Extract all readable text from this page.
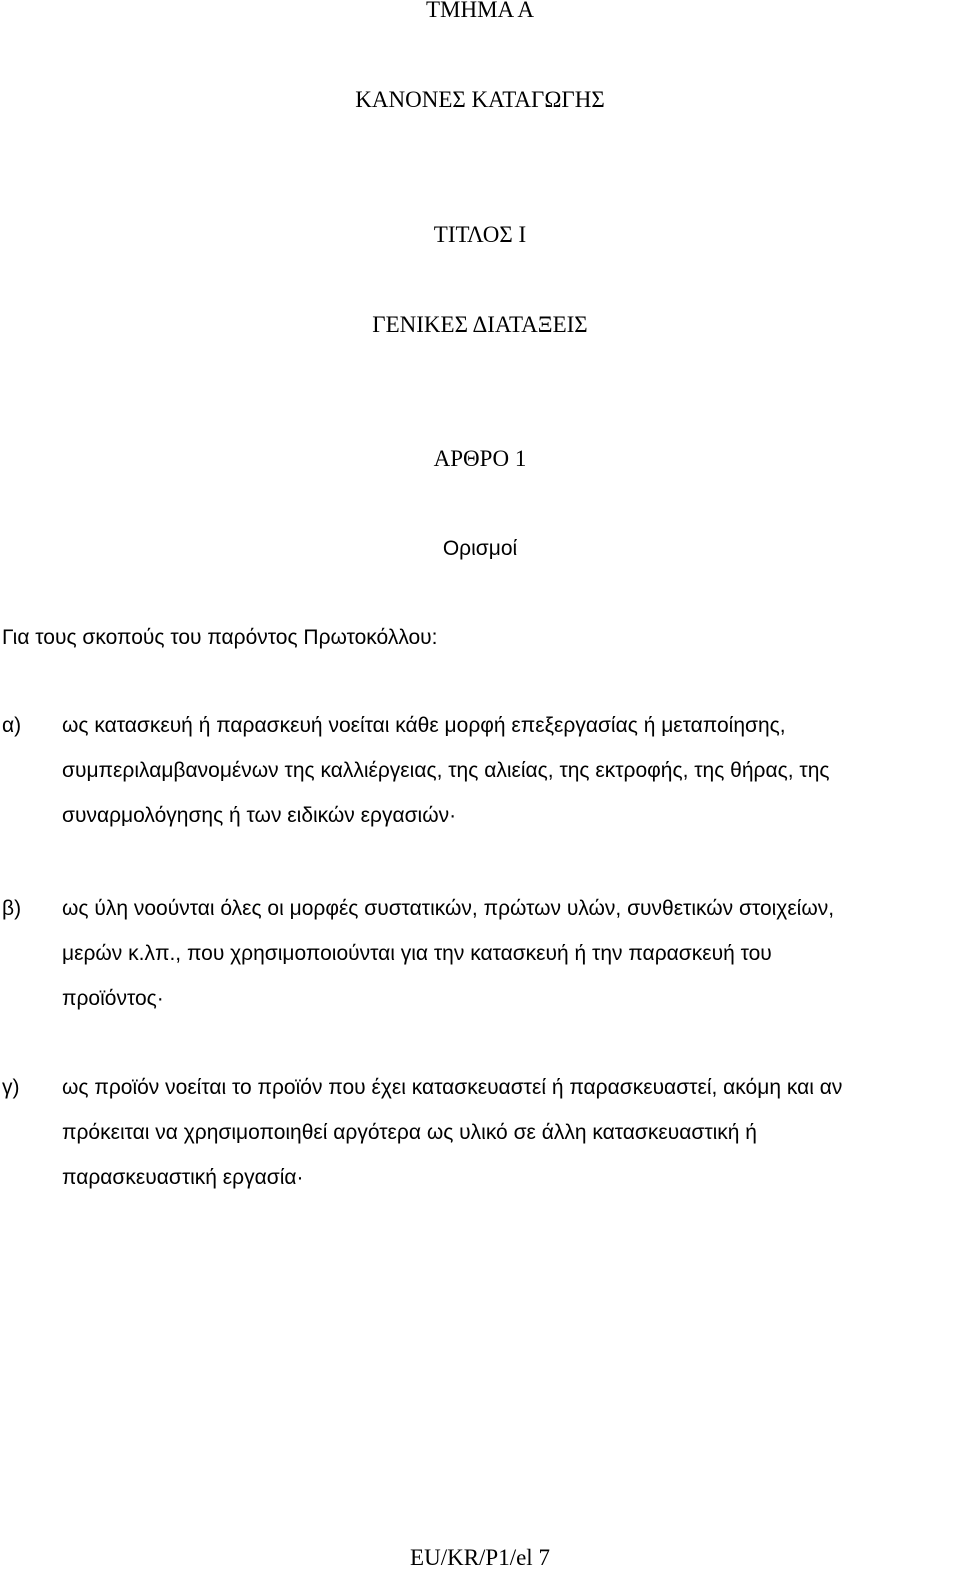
ΤΜΗΜΑ Α
ΚΑΝΟΝΕΣ ΚΑΤΑΓΩΓΗΣ
ΤΙΤΛΟΣ Ι
ΓΕΝΙΚΕΣ ΔΙΑΤΑΞΕΙΣ
ΑΡΘΡΟ 1
Ορισμοί
Για τους σκοπούς του παρόντος Πρωτοκόλλου:
α) ως κατασκευή ή παρασκευή νοείται κάθε μορφή επεξεργασίας ή μεταποίησης,
συμπεριλαμβανομένων της καλλιέργειας, της αλιείας, της εκτροφής, της θήρας, της
συναρμολόγησης ή των ειδικών εργασιών·
β) ως ύλη νοούνται όλες οι μορφές συστατικών, πρώτων υλών, συνθετικών στοιχείων,
μερών κ.λπ., που χρησιμοποιούνται για την κατασκευή ή την παρασκευή του
προϊόντος·
γ) ως προϊόν νοείται το προϊόν που έχει κατασκευαστεί ή παρασκευαστεί, ακόμη και αν
πρόκειται να χρησιμοποιηθεί αργότερα ως υλικό σε άλλη κατασκευαστική ή
παρασκευαστική εργασία·
EU/KR/P1/el 7
